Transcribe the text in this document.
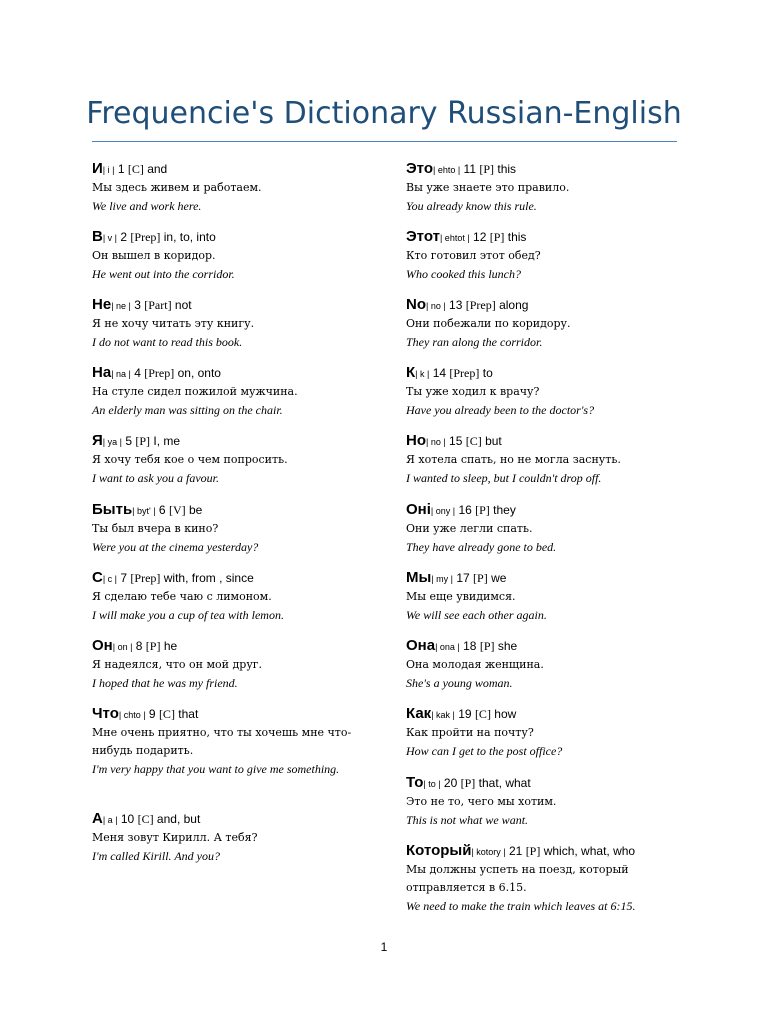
Frequencie's Dictionary Russian-English
И| i | 1 [C] and
Мы здесь живем и работаем.
We live and work here.
В| v | 2 [Prep] in, to, into
Он вышел в коридор.
He went out into the corridor.
Не| ne | 3 [Part] not
Я не хочу читать эту книгу.
I do not want to read this book.
На| na | 4 [Prep] on, onto
На стуле сидел пожилой мужчина.
An elderly man was sitting on the chair.
Я| ya | 5 [P] I, me
Я хочу тебя кое о чем попросить.
I want to ask you a favour.
Быть| byt' | 6 [V] be
Ты был вчера в кино?
Were you at the cinema yesterday?
С| c | 7 [Prep] with, from , since
Я сделаю тебе чаю с лимоном.
I will make you a cup of tea with lemon.
Он| on | 8 [P] he
Я надеялся, что он мой друг.
I hoped that he was my friend.
Что| chto | 9 [C] that
Мне очень приятно, что ты хочешь мне что-нибудь подарить.
I'm very happy that you want to give me something.
А| a | 10 [C] and, but
Меня зовут Кирилл. А тебя?
I'm called Kirill. And you?
Это| ehto | 11 [P] this
Вы уже знаете это правило.
You already know this rule.
Этот| ehtot | 12 [P] this
Кто готовил этот обед?
Who cooked this lunch?
No| no | 13 [Prep] along
Они побежали по коридору.
They ran along the corridor.
К| k | 14 [Prep] to
Ты уже ходил к врачу?
Have you already been to the doctor's?
Но| no | 15 [C] but
Я хотела спать, но не могла заснуть.
I wanted to sleep, but I couldn't drop off.
Оні| ony | 16 [P] they
Они уже легли спать.
They have already gone to bed.
Мы| my | 17 [P] we
Мы еще увидимся.
We will see each other again.
Она| ona | 18 [P] she
Она молодая женщина.
She's a young woman.
Как| kak | 19 [C] how
Как пройти на почту?
How can I get to the post office?
То| to | 20 [P] that, what
Это не то, чего мы хотим.
This is not what we want.
Который| kotory | 21 [P] which, what, who
Мы должны успеть на поезд, который отправляется в 6.15.
We need to make the train which leaves at 6:15.
1
